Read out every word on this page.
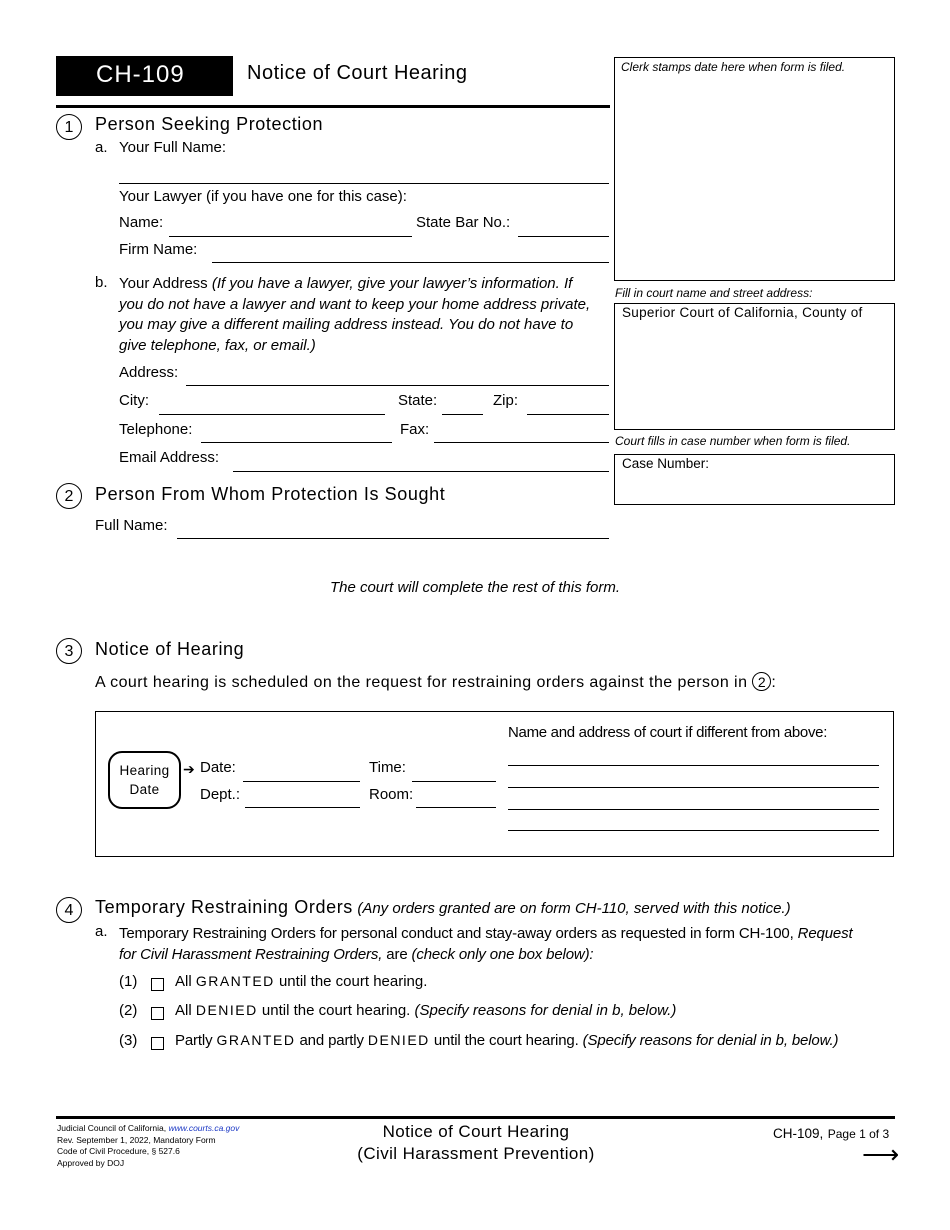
CH-109	Notice of Court Hearing	Clerk stamps date here when form is filed.
Fill in court name and street address:
Superior Court of California, County of
Court fills in case number when form is filed.
Case Number:
1	Person Seeking Protection
a. Your Full Name:
Your Lawyer (if you have one for this case):
Name:	State Bar No.:
Firm Name:
b. Your Address (If you have a lawyer, give your lawyer’s information. If
you do not have a lawyer and want to keep your home address private,
you may give a different mailing address instead. You do not have to
give telephone, fax, or email.)
Address:
City:	State:	Zip:
Telephone:	Fax:
Email Address:
2	Person From Whom Protection Is Sought
Full Name:
The court will complete the rest of this form.
3	Notice of Hearing
A court hearing is scheduled on the request for restraining orders against the person in 2 :
Hearing
Date
➔ Date:	Time:
Dept.:	Room:
Name and address of court if different from above:
4	Temporary Restraining Orders (Any orders granted are on form CH-110, served with this notice.)
a. Temporary Restraining Orders for personal conduct and stay-away orders as requested in form CH-100, Request
for Civil Harassment Restraining Orders, are (check only one box below):
(1)	All GRANTED until the court hearing.
(2)	All DENIED until the court hearing. (Specify reasons for denial in b, below.)
(3)	Partly GRANTED and partly DENIED until the court hearing. (Specify reasons for denial in b, below.)
Judicial Council of California, www.courts.ca.gov
Rev. September 1, 2022, Mandatory Form
Code of Civil Procedure, § 527.6
Approved by DOJ
Notice of Court Hearing
(Civil Harassment Prevention)
CH-109, Page 1 of 3
⟶
